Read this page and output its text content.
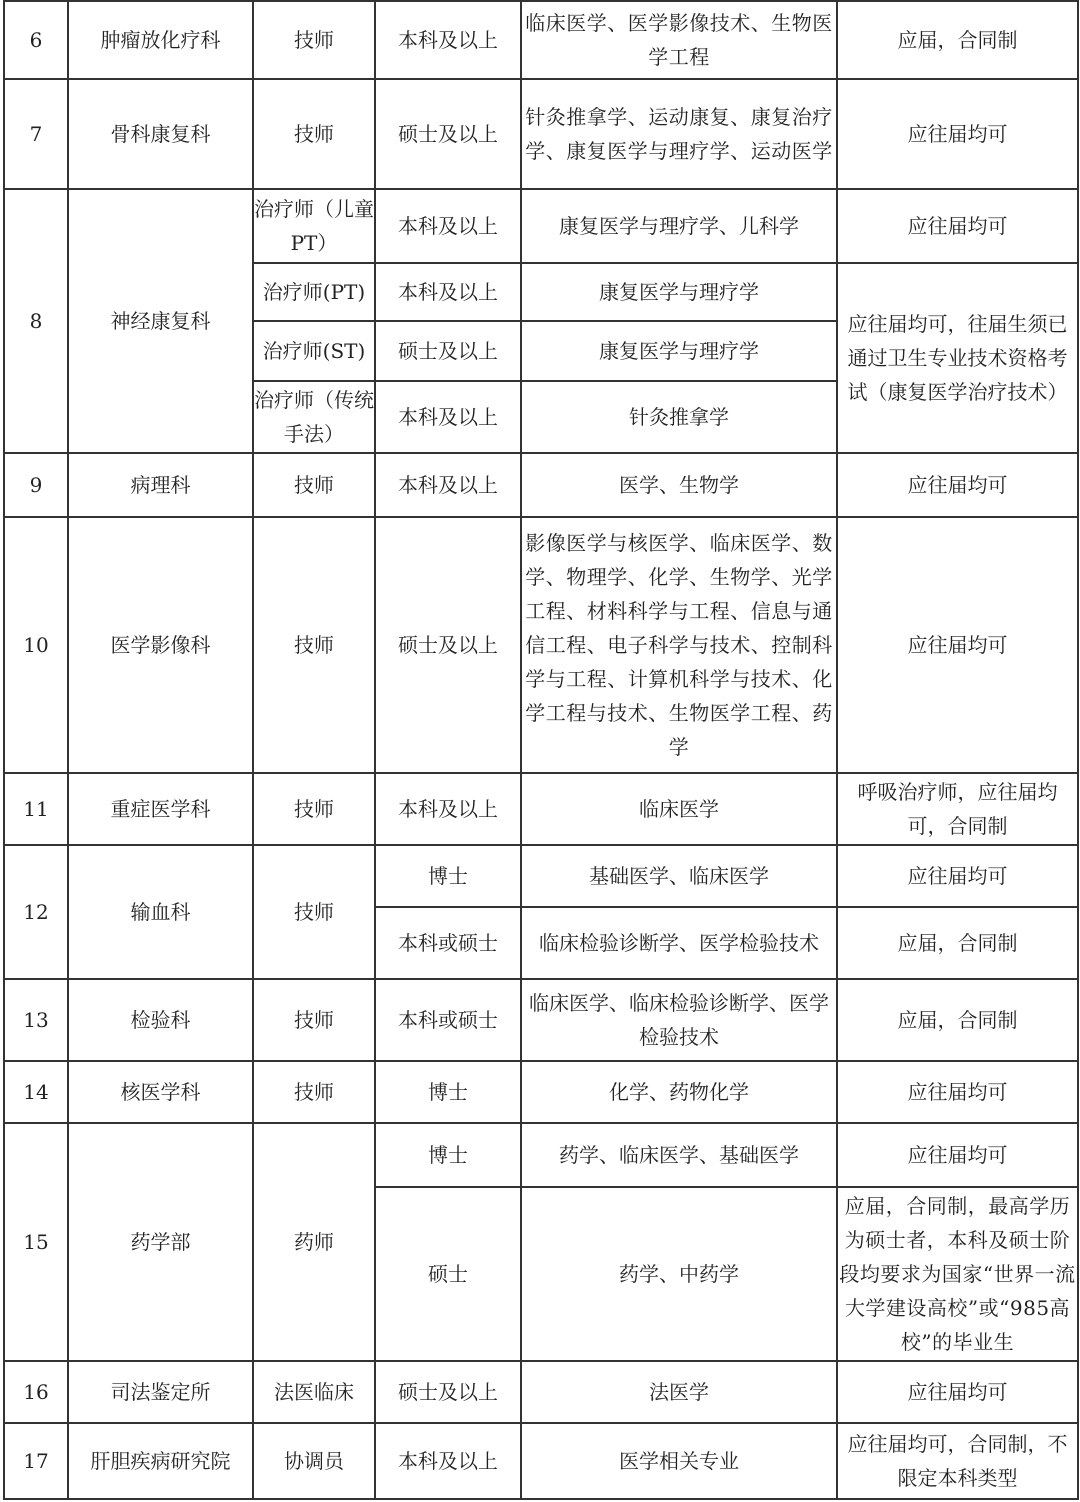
6	肿瘤放化疗科	技师	本科及以上	临床医学、医学影像技术、生物医学工程	应届，合同制
7	骨科康复科	技师	硕士及以上	针灸推拿学、运动康复、康复治疗学、康复医学与理疗学、运动医学	应往届均可
8	神经康复科	治疗师（儿童PT）	本科及以上	康复医学与理疗学、儿科学	应往届均可
		治疗师(PT)	本科及以上	康复医学与理疗学	应往届均可，往届生须已通过卫生专业技术资格考试（康复医学治疗技术）
		治疗师(ST)	硕士及以上	康复医学与理疗学	
		治疗师（传统手法）	本科及以上	针灸推拿学	
9	病理科	技师	本科及以上	医学、生物学	应往届均可
10	医学影像科	技师	硕士及以上	影像医学与核医学、临床医学、数学、物理学、化学、生物学、光学工程、材料科学与工程、信息与通信工程、电子科学与技术、控制科学与工程、计算机科学与技术、化学工程与技术、生物医学工程、药学	应往届均可
11	重症医学科	技师	本科及以上	临床医学	呼吸治疗师，应往届均可，合同制
12	输血科	技师	博士	基础医学、临床医学	应往届均可
			本科或硕士	临床检验诊断学、医学检验技术	应届，合同制
13	检验科	技师	本科或硕士	临床医学、临床检验诊断学、医学检验技术	应届，合同制
14	核医学科	技师	博士	化学、药物化学	应往届均可
15	药学部	药师	博士	药学、临床医学、基础医学	应往届均可
			硕士	药学、中药学	应届，合同制，最高学历为硕士者，本科及硕士阶段均要求为国家“世界一流大学建设高校”或“985高校”的毕业生
16	司法鉴定所	法医临床	硕士及以上	法医学	应往届均可
17	肝胆疾病研究院	协调员	本科及以上	医学相关专业	应往届均可，合同制，不限定本科类型
